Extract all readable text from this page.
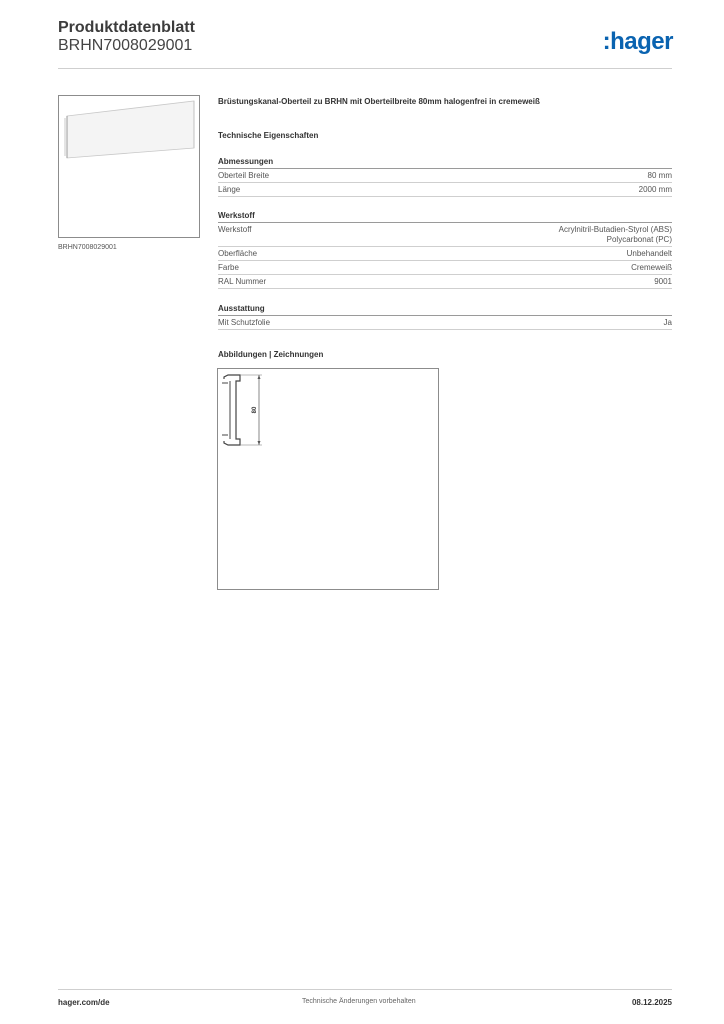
Produktdatenblatt
BRHN7008029001	:hager
BRHN7008029001
Brüstungskanal-Oberteil zu BRHN mit Oberteilbreite 80mm halogenfrei in cremeweiß
Technische Eigenschaften
Abmessungen
Oberteil Breite	80 mm
Länge	2000 mm
Werkstoff
Werkstoff	Acrylnitril-Butadien-Styrol (ABS)
Polycarbonat (PC)
Oberfläche	Unbehandelt
Farbe	Cremeweiß
RAL Nummer	9001
Ausstattung
Mit Schutzfolie	Ja
Abbildungen | Zeichnungen
80
hager.com/de	Technische Änderungen vorbehalten	08.12.2025
